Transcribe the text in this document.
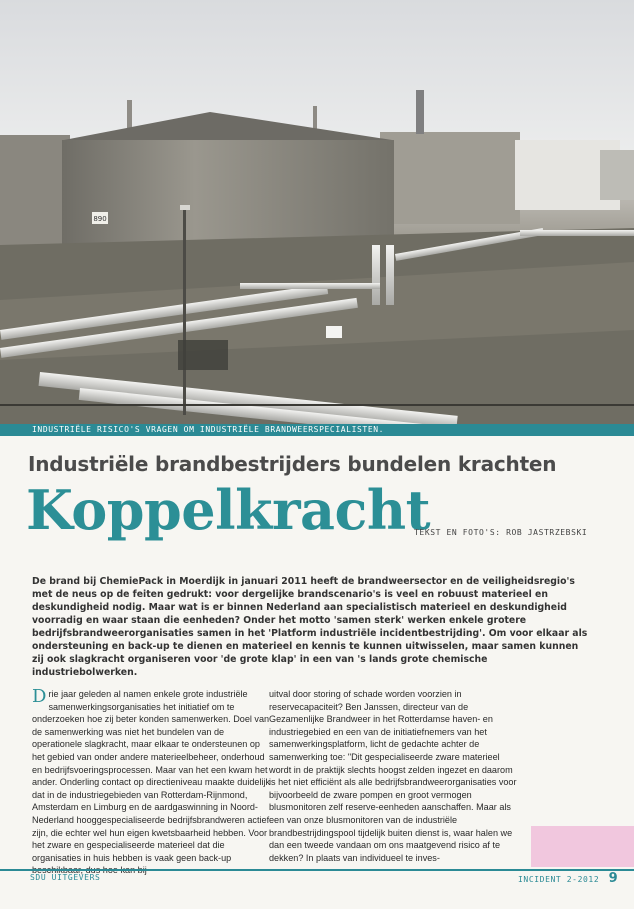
890
INDUSTRIËLE RISICO'S VRAGEN OM INDUSTRIËLE BRANDWEERSPECIALISTEN.
Industriële brandbestrijders bundelen krachten
Koppelkracht
TEKST EN FOTO'S: ROB JASTRZEBSKI
De brand bij ChemiePack in Moerdijk in januari 2011 heeft de brandweersector en de veiligheidsregio's met de neus op de feiten gedrukt: voor dergelijke brandscenario's is veel en robuust materieel en deskundigheid nodig. Maar wat is er binnen Nederland aan specialistisch materieel en deskundigheid voorradig en waar staan die eenheden? Onder het motto 'samen sterk' werken enkele grotere bedrijfsbrandweerorganisaties samen in het 'Platform industriële incidentbestrijding'. Om voor elkaar als ondersteuning en back-up te dienen en materieel en kennis te kunnen uitwisselen, maar samen kunnen zij ook slagkracht organiseren voor 'de grote klap' in een van 's lands grote chemische industriebolwerken.
D rie jaar geleden al namen enkele grote industriële samenwerkingsorganisaties het initiatief om te onderzoeken hoe zij beter konden samenwerken. Doel van de samenwerking was niet het bundelen van de operationele slagkracht, maar elkaar te ondersteunen op het gebied van onder andere materieelbeheer, onderhoud en bedrijfsvoeringsprocessen. Maar van het een kwam het ander. Onderling contact op directieniveau maakte duidelijk dat in de industriegebieden van Rotterdam-Rijnmond, Amsterdam en Limburg en de aardgaswinning in Noord-Nederland hooggespecialiseerde bedrijfsbrandweren actief zijn, die echter wel hun eigen kwetsbaarheid hebben. Voor het zware en gespecialiseerde materieel dat die organisaties in huis hebben is vaak geen back-up

uitval door storing of schade worden voorzien in reservecapaciteit? Ben Janssen, directeur van de Gezamenlijke Brandweer in het Rotterdamse haven- en industriegebied en een van de initiatiefnemers van het samenwerkingsplatform, licht de gedachte achter de samenwerking toe: "Dit gespecialiseerde zware materieel wordt in de praktijk slechts hoogst zelden ingezet en daarom is het niet efficiënt als alle bedrijfsbrandweerorganisaties voor bijvoorbeeld de zware pompen en groot vermogen blusmonitoren zelf reserve-eenheden aanschaffen. Maar als een van onze blusmonitoren van de industriële brandbestrijdingspool tijdelijk buiten dienst is, waar halen we dan een tweede vandaan om ons maatgevend risico af te dekken? In plaats van individueel te inves-

SDU UITGEVERS	INCIDENT 2-2012 9
